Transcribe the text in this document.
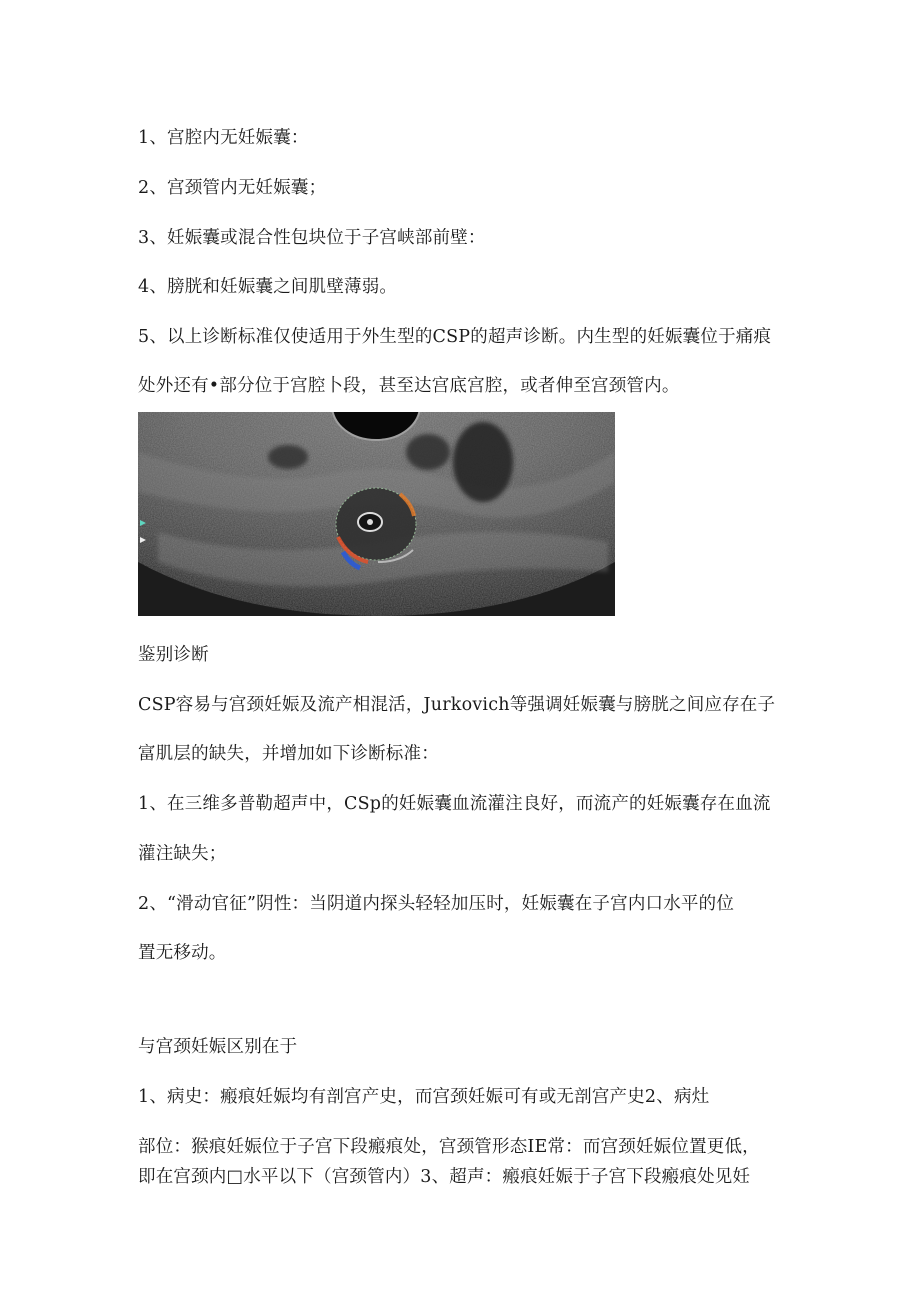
1、宫腔内无妊娠囊：
2、宫颈管内无妊娠囊；
3、妊娠囊或混合性包块位于子宫峡部前壁：
4、膀胱和妊娠囊之间肌壁薄弱。
5、以上诊断标准仅使适用于外生型的CSP的超声诊断。内生型的妊娠囊位于痛痕
处外还有•部分位于宫腔卜段，甚至达宫底宫腔，或者伸至宫颈管内。
鉴别诊断
CSP容易与宫颈妊娠及流产相混活，Jurkovich等强调妊娠囊与膀胱之间应存在子
富肌层的缺失，并增加如下诊断标准：
1、在三维多普勒超声中，CSp的妊娠囊血流灌注良好，而流产的妊娠囊存在血流
灌注缺失；
2、“滑动官征”阴性：当阴道内探头轻轻加压时，妊娠囊在子宫内口水平的位
置无移动。
与宫颈妊娠区别在于
1、病史：瘢痕妊娠均有剖宫产史，而宫颈妊娠可有或无剖宫产史2、病灶
部位：猴痕妊娠位于子宫下段瘢痕处，宫颈管形态IE常：而宫颈妊娠位置更低，
即在宫颈内□水平以下（宫颈管内）3、超声：瘢痕妊娠于子宫下段瘢痕处见妊
